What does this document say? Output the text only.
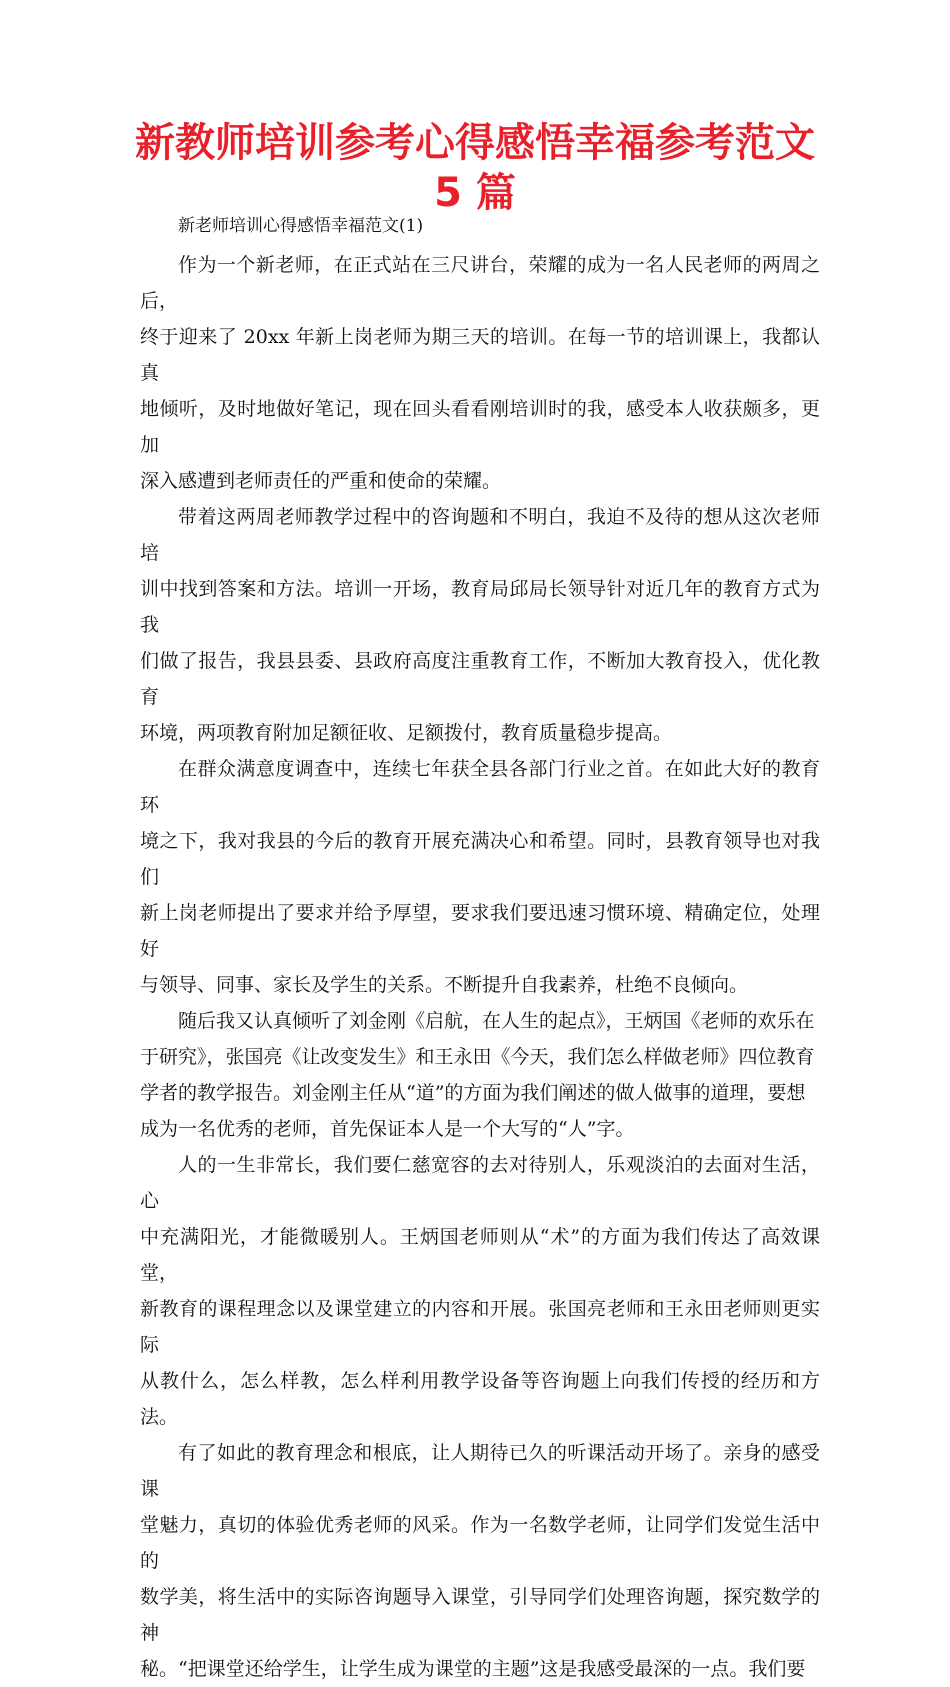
新教师培训参考心得感悟幸福参考范文 5 篇

新老师培训心得感悟幸福范文(1)

作为一个新老师，在正式站在三尺讲台，荣耀的成为一名人民老师的两周之后，
终于迎来了 20xx 年新上岗老师为期三天的培训。在每一节的培训课上，我都认真
地倾听，及时地做好笔记，现在回头看看刚培训时的我，感受本人收获颇多，更加
深入感遭到老师责任的严重和使命的荣耀。

带着这两周老师教学过程中的咨询题和不明白，我迫不及待的想从这次老师培
训中找到答案和方法。培训一开场，教育局邱局长领导针对近几年的教育方式为我
们做了报告，我县县委、县政府高度注重教育工作，不断加大教育投入，优化教育
环境，两项教育附加足额征收、足额拨付，教育质量稳步提高。

在群众满意度调查中，连续七年获全县各部门行业之首。在如此大好的教育环
境之下，我对我县的今后的教育开展充满决心和希望。同时，县教育领导也对我们
新上岗老师提出了要求并给予厚望，要求我们要迅速习惯环境、精确定位，处理好
与领导、同事、家长及学生的关系。不断提升自我素养，杜绝不良倾向。

随后我又认真倾听了刘金刚《启航，在人生的起点》，王炳国《老师的欢乐在
于研究》，张国亮《让改变发生》和王永田《今天，我们怎么样做老师》四位教育
学者的教学报告。刘金刚主任从“道”的方面为我们阐述的做人做事的道理，要想
成为一名优秀的老师，首先保证本人是一个大写的“人”字。

人的一生非常长，我们要仁慈宽容的去对待别人，乐观淡泊的去面对生活，心
中充满阳光，才能微暖别人。王炳国老师则从“术”的方面为我们传达了高效课堂，
新教育的课程理念以及课堂建立的内容和开展。张国亮老师和王永田老师则更实际
从教什么，怎么样教，怎么样利用教学设备等咨询题上向我们传授的经历和方法。

有了如此的教育理念和根底，让人期待已久的听课活动开场了。亲身的感受课
堂魅力，真切的体验优秀老师的风采。作为一名数学老师，让同学们发觉生活中的
数学美，将生活中的实际咨询题导入课堂，引导同学们处理咨询题，探究数学的神
秘。“把课堂还给学生，让学生成为课堂的主题”这是我感受最深的一点。我们要
